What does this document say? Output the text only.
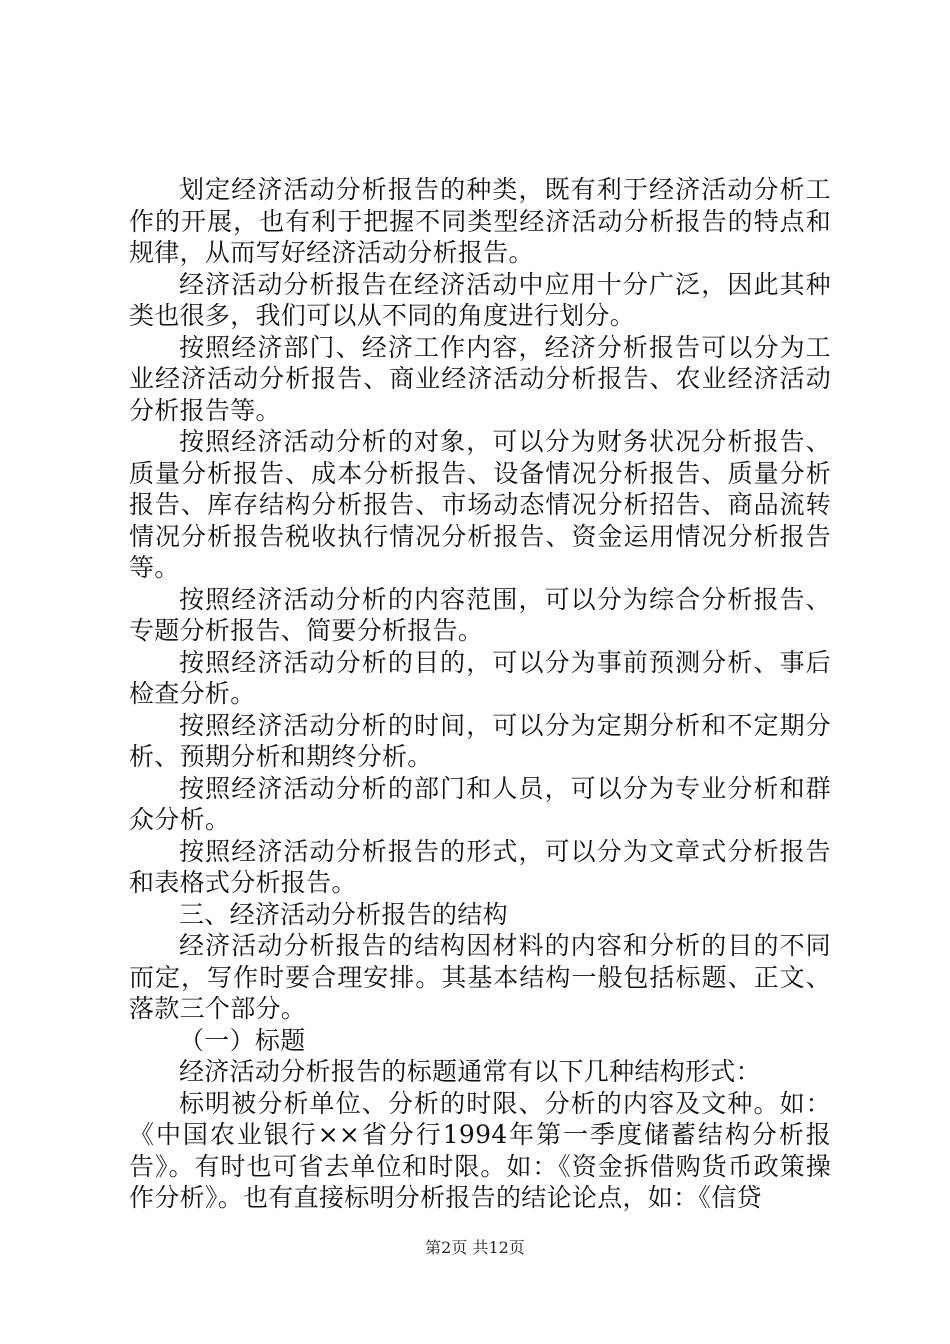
划定经济活动分析报告的种类，既有利于经济活动分析工作的开展，也有利于把握不同类型经济活动分析报告的特点和规律，从而写好经济活动分析报告。

经济活动分析报告在经济活动中应用十分广泛，因此其种类也很多，我们可以从不同的角度进行划分。

按照经济部门、经济工作内容，经济分析报告可以分为工业经济活动分析报告、商业经济活动分析报告、农业经济活动分析报告等。

按照经济活动分析的对象，可以分为财务状况分析报告、质量分析报告、成本分析报告、设备情况分析报告、质量分析报告、库存结构分析报告、市场动态情况分析招告、商品流转情况分析报告税收执行情况分析报告、资金运用情况分析报告等。

按照经济活动分析的内容范围，可以分为综合分析报告、专题分析报告、简要分析报告。

按照经济活动分析的目的，可以分为事前预测分析、事后检查分析。

按照经济活动分析的时间，可以分为定期分析和不定期分析、预期分析和期终分析。

按照经济活动分析的部门和人员，可以分为专业分析和群众分析。

按照经济活动分析报告的形式，可以分为文章式分析报告和表格式分析报告。

三、经济活动分析报告的结构

经济活动分析报告的结构因材料的内容和分析的目的不同而定，写作时要合理安排。其基本结构一般包括标题、正文、落款三个部分。

（一）标题

经济活动分析报告的标题通常有以下几种结构形式：

标明被分析单位、分析的时限、分析的内容及文种。如：《中国农业银行××省分行1994年第一季度储蓄结构分析报告》。有时也可省去单位和时限。如：《资金拆借购货币政策操作分析》。也有直接标明分析报告的结论论点，如：《信贷

第2页 共12页
